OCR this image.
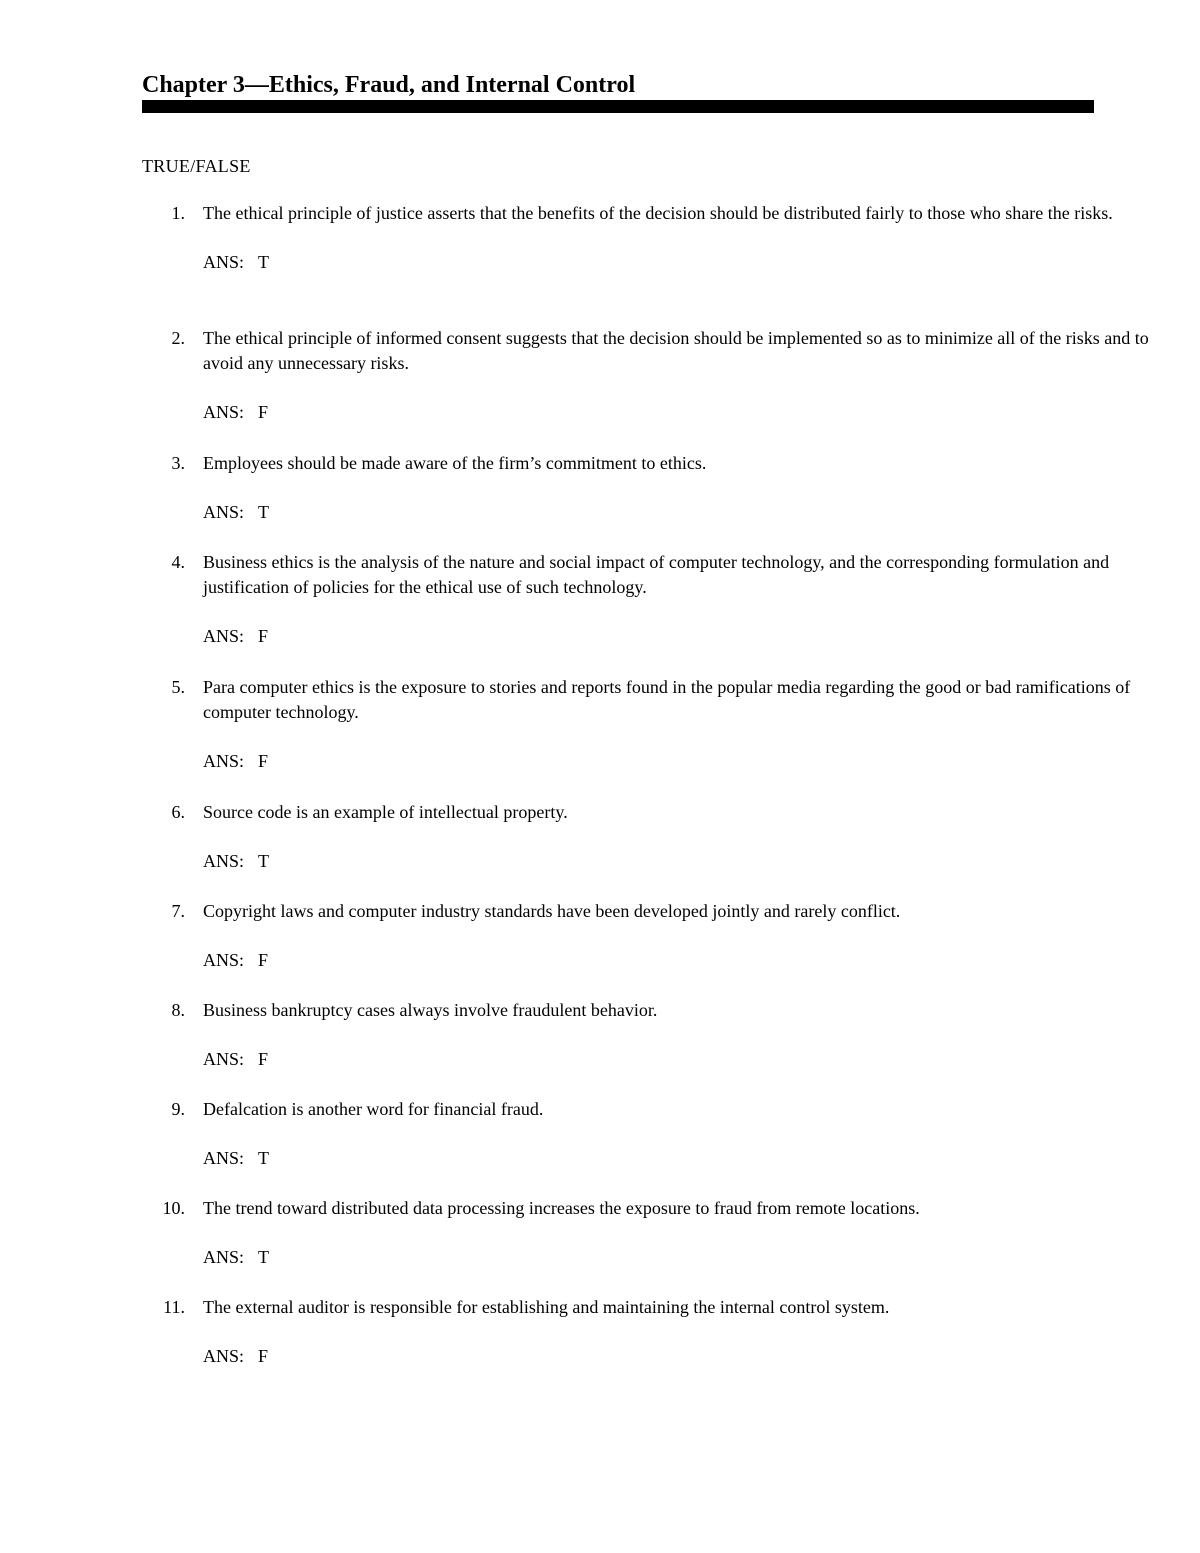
Chapter 3—Ethics, Fraud, and Internal Control
TRUE/FALSE
1. The ethical principle of justice asserts that the benefits of the decision should be distributed fairly to those who share the risks.
ANS: T
2. The ethical principle of informed consent suggests that the decision should be implemented so as to minimize all of the risks and to avoid any unnecessary risks.
ANS: F
3. Employees should be made aware of the firm’s commitment to ethics.
ANS: T
4. Business ethics is the analysis of the nature and social impact of computer technology, and the corresponding formulation and justification of policies for the ethical use of such technology.
ANS: F
5. Para computer ethics is the exposure to stories and reports found in the popular media regarding the good or bad ramifications of computer technology.
ANS: F
6. Source code is an example of intellectual property.
ANS: T
7. Copyright laws and computer industry standards have been developed jointly and rarely conflict.
ANS: F
8. Business bankruptcy cases always involve fraudulent behavior.
ANS: F
9. Defalcation is another word for financial fraud.
ANS: T
10. The trend toward distributed data processing increases the exposure to fraud from remote locations.
ANS: T
11. The external auditor is responsible for establishing and maintaining the internal control system.
ANS: F
